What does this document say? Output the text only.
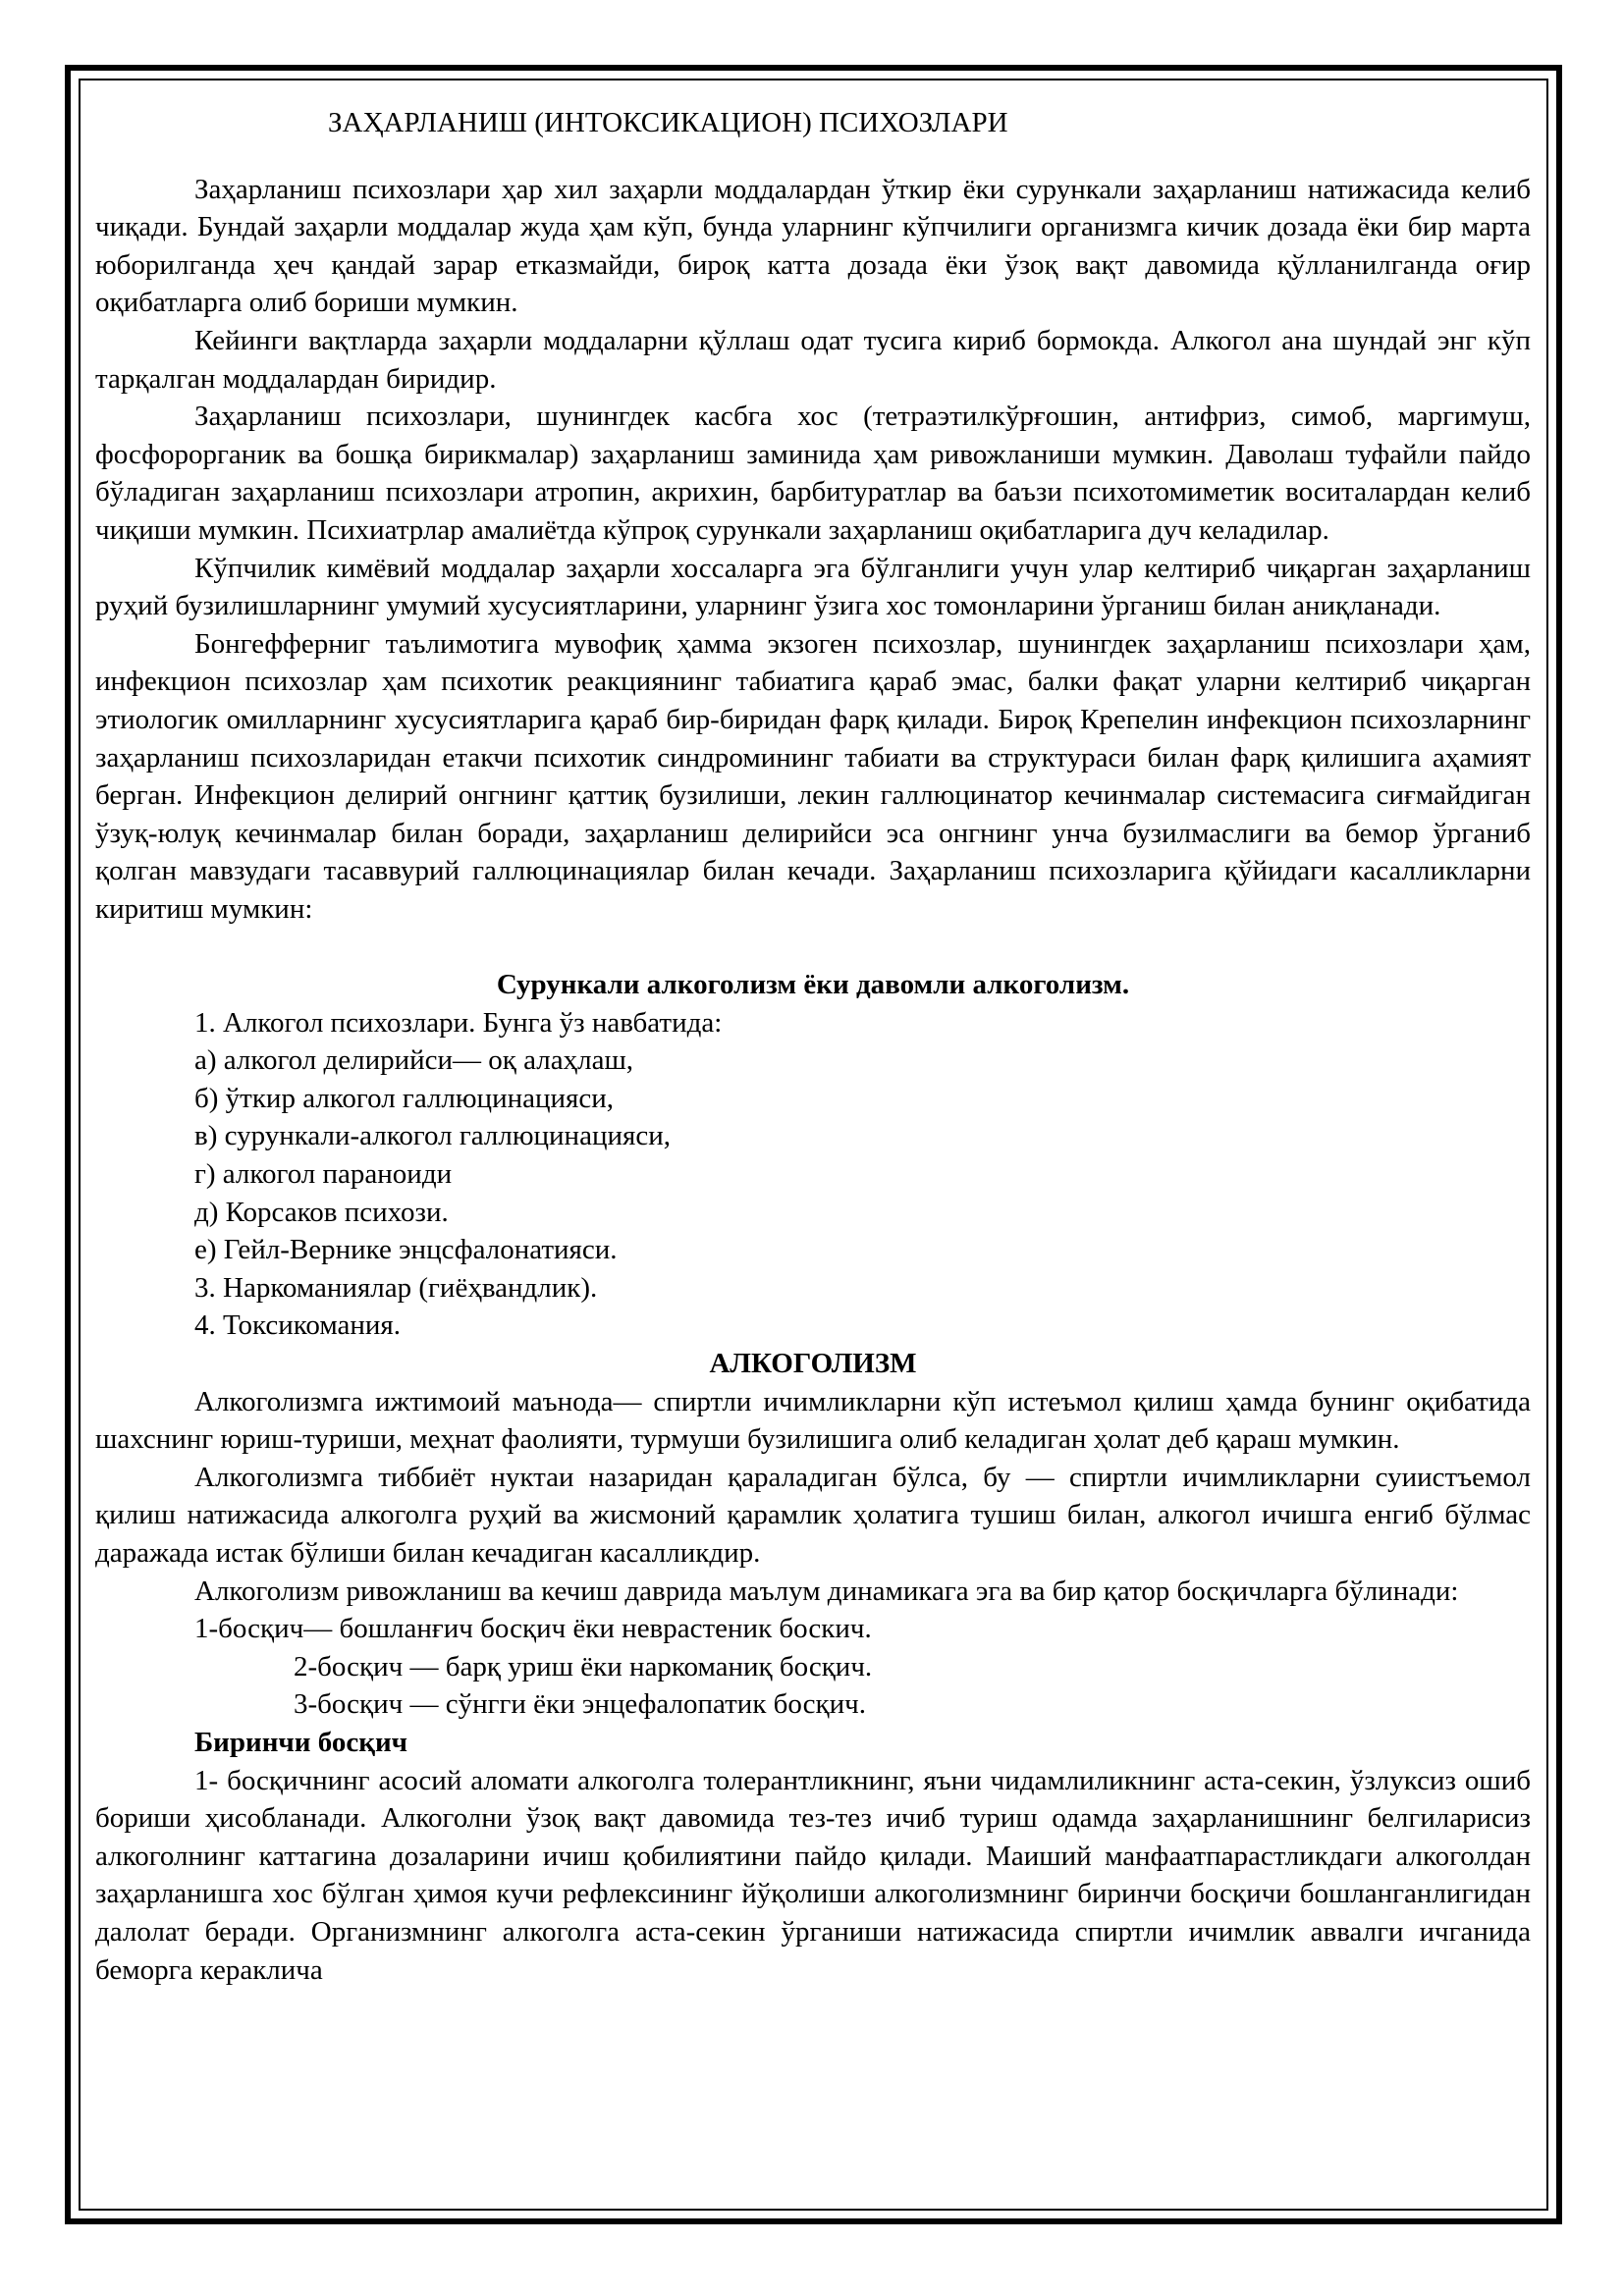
ЗАҲАРЛАНИШ (ИНТОКСИКАЦИОН) ПСИХОЗЛАРИ

Заҳарланиш психозлари ҳар хил заҳарли моддалардан ўткир ёки сурункали заҳарланиш натижасида келиб чиқади. Бундай заҳарли моддалар жуда ҳам кўп, бунда уларнинг кўпчилиги организмга кичик дозада ёки бир марта юборилганда ҳеч қандай зарар етказмайди, бироқ катта дозада ёки ўзоқ вақт давомида қўлланилганда оғир оқибатларга олиб бориши мумкин.

Кейинги вақтларда заҳарли моддаларни қўллаш одат тусига кириб бормокда. Алкогол ана шундай энг кўп тарқалган моддалардан биридир.

Заҳарланиш психозлари, шунингдек касбга хос (тетраэтилкўрғошин, антифриз, симоб, маргимуш, фосфорорганик ва бошқа бирикмалар) заҳарланиш заминида ҳам ривожланиши мумкин. Даволаш туфайли пайдо бўладиган заҳарланиш психозлари атропин, акрихин, барбитуратлар ва баъзи психотомиметик воситалардан келиб чиқиши мумкин. Психиатрлар амалиётда кўпроқ сурункали заҳарланиш оқибатларига дуч келадилар.

Кўпчилик кимёвий моддалар заҳарли хоссаларга эга бўлганлиги учун улар келтириб чиқарган заҳарланиш руҳий бузилишларнинг умумий хусусиятларини, уларнинг ўзига хос томонларини ўрганиш билан аниқланади.

Бонгефферниг таълимотига мувофиқ ҳамма экзоген психозлар, шунингдек заҳарланиш психозлари ҳам, инфекцион психозлар ҳам психотик реакциянинг табиатига қараб эмас, балки фақат уларни келтириб чиқарган этиологик омилларнинг хусусиятларига қараб бир-биридан фарқ қилади. Бироқ Крепелин инфекцион психозларнинг заҳарланиш психозларидан етакчи психотик синдромининг табиати ва структураси билан фарқ қилишига аҳамият берган. Инфекцион делирий онгнинг қаттиқ бузилиши, лекин галлюцинатор кечинмалар системасига сиғмайдиган ўзуқ-юлуқ кечинмалар билан боради, заҳарланиш делирийси эса онгнинг унча бузилмаслиги ва бемор ўрганиб қолган мавзудаги тасаввурий галлюцинациялар билан кечади. Заҳарланиш психозларига қўйидаги касалликларни киритиш мумкин:

Сурункали алкоголизм ёки давомли алкоголизм.

1. Алкогол психозлари. Бунга ўз навбатида:

а) алкогол делирийси— оқ алаҳлаш,

б) ўткир алкогол галлюцинацияси,

в) сурункали-алкогол галлюцинацияси,

г) алкогол параноиди

д) Корсаков психози.

е) Гейл-Вернике энцсфалонатияси.

3. Наркоманиялар (гиёҳвандлик).

4. Токсикомания.

АЛКОГОЛИЗМ

Алкоголизмга ижтимоий маънода— спиртли ичимликларни кўп истеъмол қилиш ҳамда бунинг оқибатида шахснинг юриш-туриши, меҳнат фаолияти, турмуши бузилишига олиб келадиган ҳолат деб қараш мумкин.

Алкоголизмга тиббиёт нуктаи назаридан қараладиган бўлса, бу — спиртли ичимликларни суиистъемол қилиш натижасида алкоголга руҳий ва жисмоний қарамлик ҳолатига тушиш билан, алкогол ичишга енгиб бўлмас даражада истак бўлиши билан кечадиган касалликдир.

Алкоголизм ривожланиш ва кечиш даврида маълум динамикага эга ва бир қатор босқичларга бўлинади:

1-босқич— бошланғич босқич ёки неврастеник боскич.

2-босқич — барқ уриш ёки наркоманиқ босқич.

3-босқич — сўнгги ёки энцефалопатик босқич.

Биринчи босқич

1- босқичнинг асосий аломати алкоголга толерантликнинг, яъни чидамлиликнинг аста-секин, ўзлуксиз ошиб бориши ҳисобланади. Алкоголни ўзоқ вақт давомида тез-тез ичиб туриш одамда заҳарланишнинг белгиларисиз алкоголнинг каттагина дозаларини ичиш қобилиятини пайдо қилади. Маиший манфаатпарастликдаги алкоголдан заҳарланишга хос бўлган ҳимоя кучи рефлексининг йўқолиши алкоголизмнинг биринчи босқичи бошланганлигидан далолат беради. Организмнинг алкоголга аста-секин ўрганиши натижасида спиртли ичимлик аввалги ичганида беморга кераклича
